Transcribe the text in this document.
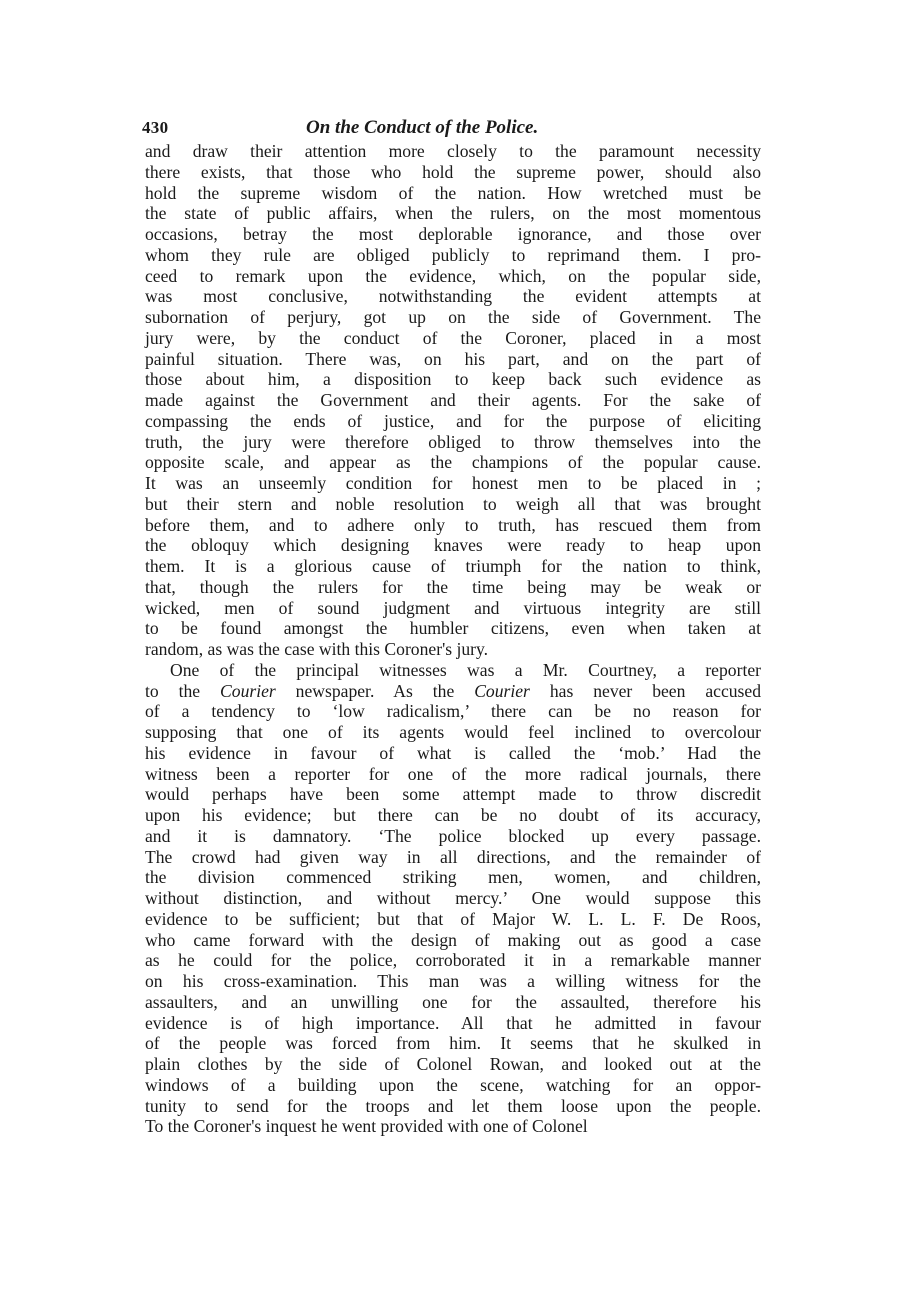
430	On the Conduct of the Police.
and draw their attention more closely to the paramount necessity
there exists, that those who hold the supreme power, should also
hold the supreme wisdom of the nation. How wretched must be
the state of public affairs, when the rulers, on the most momentous
occasions, betray the most deplorable ignorance, and those over
whom they rule are obliged publicly to reprimand them. I pro-
ceed to remark upon the evidence, which, on the popular side,
was most conclusive, notwithstanding the evident attempts at
subornation of perjury, got up on the side of Government. The
jury were, by the conduct of the Coroner, placed in a most
painful situation. There was, on his part, and on the part of
those about him, a disposition to keep back such evidence as
made against the Government and their agents. For the sake of
compassing the ends of justice, and for the purpose of eliciting
truth, the jury were therefore obliged to throw themselves into the
opposite scale, and appear as the champions of the popular cause.
It was an unseemly condition for honest men to be placed in ;
but their stern and noble resolution to weigh all that was brought
before them, and to adhere only to truth, has rescued them from
the obloquy which designing knaves were ready to heap upon
them. It is a glorious cause of triumph for the nation to think,
that, though the rulers for the time being may be weak or
wicked, men of sound judgment and virtuous integrity are still
to be found amongst the humbler citizens, even when taken at
random, as was the case with this Coroner's jury.
One of the principal witnesses was a Mr. Courtney, a reporter
to the Courier newspaper. As the Courier has never been accused
of a tendency to ‘low radicalism,’ there can be no reason for
supposing that one of its agents would feel inclined to overcolour
his evidence in favour of what is called the ‘mob.’ Had the
witness been a reporter for one of the more radical journals, there
would perhaps have been some attempt made to throw discredit
upon his evidence; but there can be no doubt of its accuracy,
and it is damnatory. ‘The police blocked up every passage.
The crowd had given way in all directions, and the remainder of
the division commenced striking men, women, and children,
without distinction, and without mercy.’ One would suppose this
evidence to be sufficient; but that of Major W. L. L. F. De Roos,
who came forward with the design of making out as good a case
as he could for the police, corroborated it in a remarkable manner
on his cross-examination. This man was a willing witness for the
assaulters, and an unwilling one for the assaulted, therefore his
evidence is of high importance. All that he admitted in favour
of the people was forced from him. It seems that he skulked in
plain clothes by the side of Colonel Rowan, and looked out at the
windows of a building upon the scene, watching for an oppor-
tunity to send for the troops and let them loose upon the people.
To the Coroner's inquest he went provided with one of Colonel
